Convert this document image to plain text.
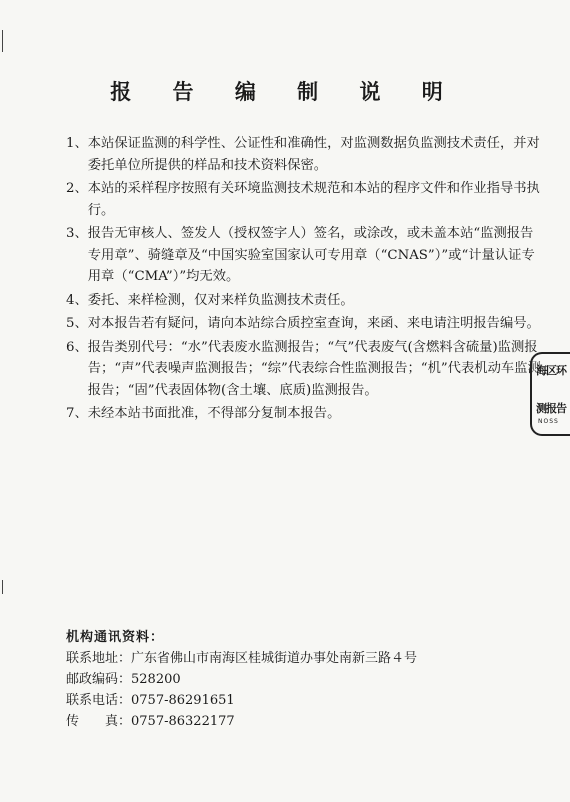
报 告 编 制 说 明
1、 本站保证监测的科学性、公证性和准确性，对监测数据负监测技术责任，并对委托单位所提供的样品和技术资料保密。
2、 本站的采样程序按照有关环境监测技术规范和本站的程序文件和作业指导书执行。
3、 报告无审核人、签发人（授权签字人）签名，或涂改，或未盖本站“监测报告专用章”、骑缝章及“中国实验室国家认可专用章（“CNAS”）”或“计量认证专用章（“CMA”）”均无效。
4、 委托、来样检测，仅对来样负监测技术责任。
5、 对本报告若有疑问，请向本站综合质控室查询，来函、来电请注明报告编号。
6、 报告类别代号：“水”代表废水监测报告；“气”代表废气(含燃料含硫量)监测报告；“声”代表噪声监测报告；“综”代表综合性监测报告；“机”代表机动车监测报告；“固”代表固体物(含土壤、底质)监测报告。
7、 未经本站书面批准，不得部分复制本报告。
机构通讯资料：
联系地址： 广东省佛山市南海区桂城街道办事处南新三路４号
邮政编码： 528200
联系电话： 0757-86291651
传　　真： 0757-86322177
海区环
测报告
NOSS
